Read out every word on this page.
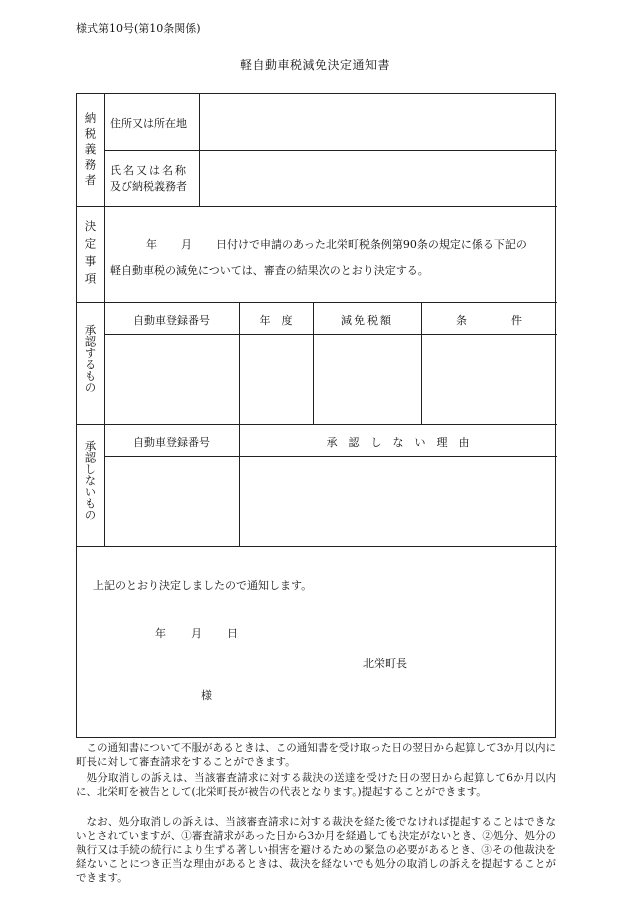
様式第10号(第10条関係)
軽自動車税減免決定通知書
納税義務者 住所又は所在地
氏名又は名称
及び納税義務者
決定事項	年 月 日付けで申請のあった北栄町税条例第90条の規定に係る下記の
軽自動車税の減免については、審査の結果次のとおり決定する。
承認するもの
自動車登録番号	年　度	減免税額	条　　　　件
承認しないもの	自動車登録番号	承　認　し　な　い　理　由
上記のとおり決定しましたので通知します。
年 月 日
北栄町長
様
この通知書について不服があるときは、この通知書を受け取った日の翌日から起算して3か月以内に町長に対して審査請求をすることができます。
処分取消しの訴えは、当該審査請求に対する裁決の送達を受けた日の翌日から起算して6か月以内に、北栄町を被告として(北栄町長が被告の代表となります。)提起することができます。
なお、処分取消しの訴えは、当該審査請求に対する裁決を経た後でなければ提起することはできないとされていますが、①審査請求があった日から3か月を経過しても決定がないとき、②処分、処分の執行又は手続の続行により生ずる著しい損害を避けるための緊急の必要があるとき、③その他裁決を経ないことにつき正当な理由があるときは、裁決を経ないでも処分の取消しの訴えを提起することができます。
